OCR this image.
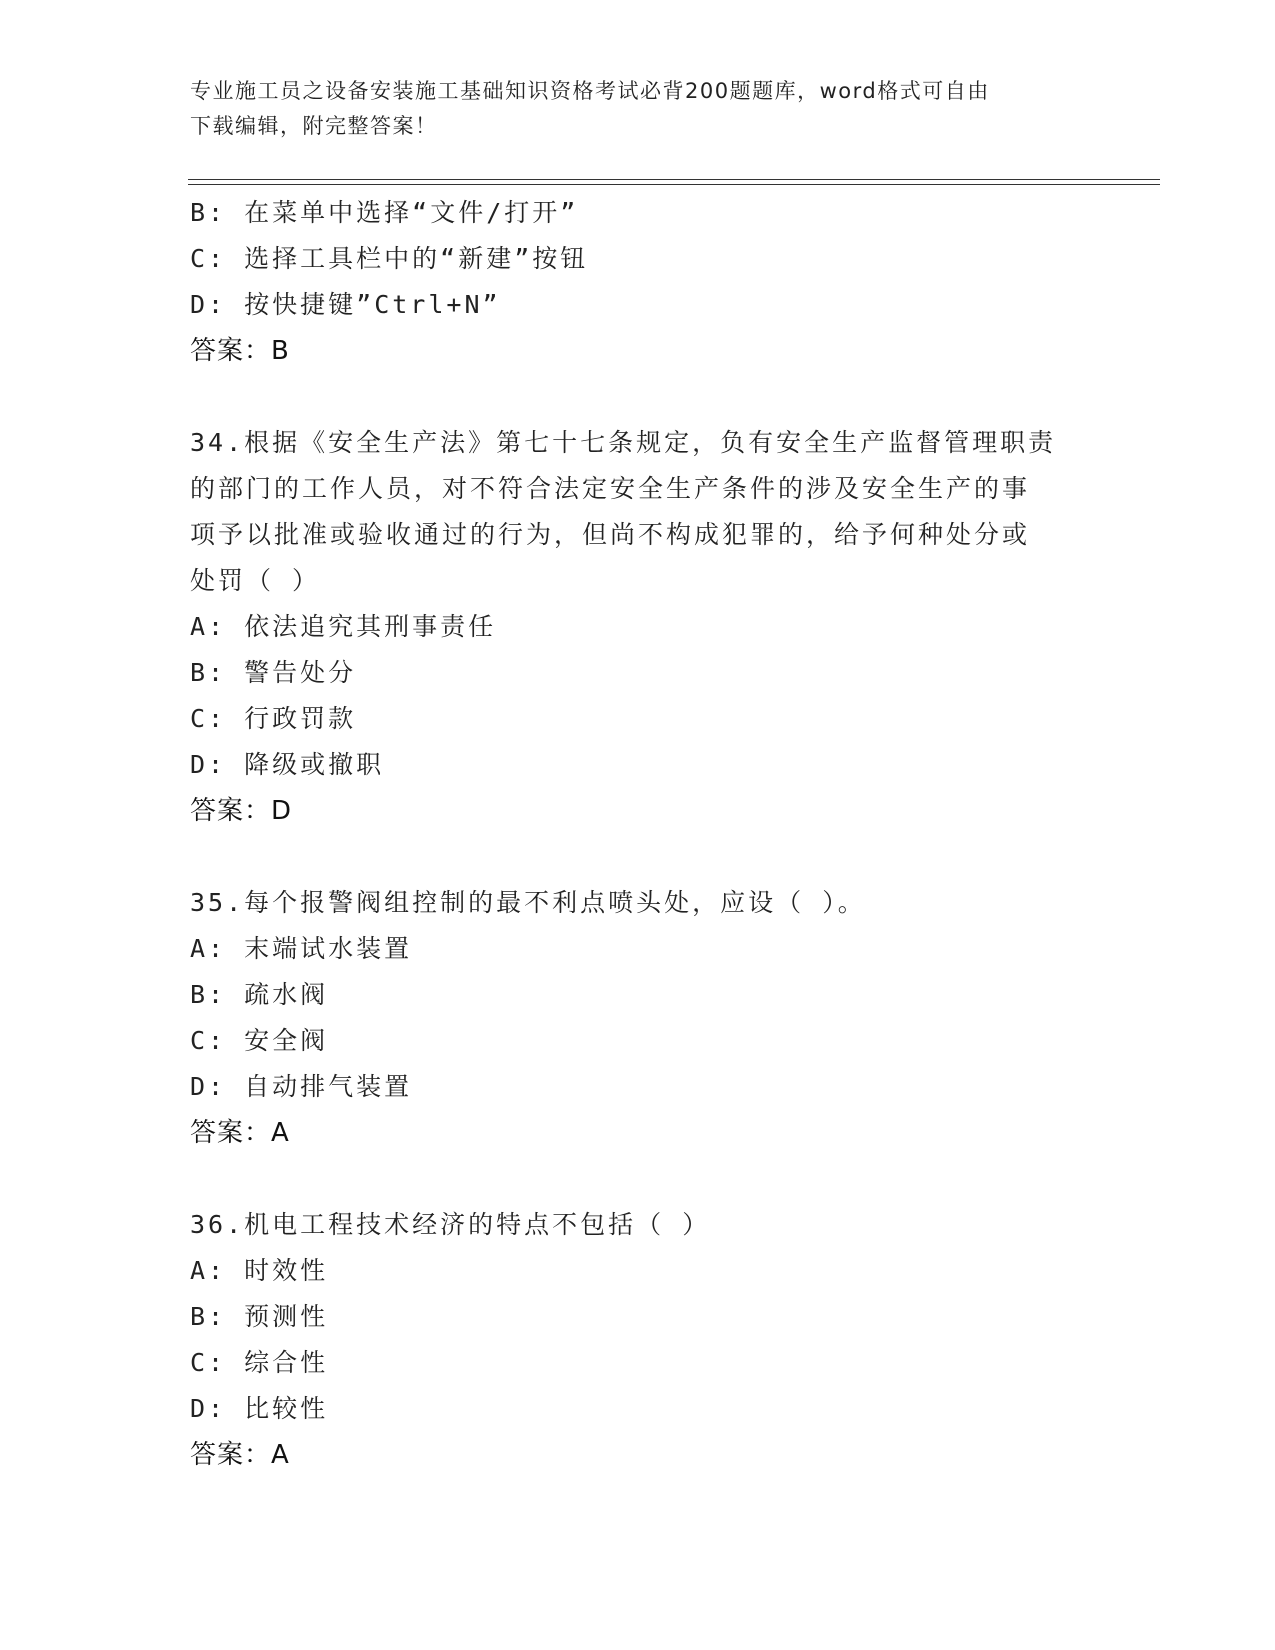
专业施工员之设备安装施工基础知识资格考试必背200题题库，word格式可自由
下载编辑，附完整答案！
B: 在菜单中选择“文件/打开”
C: 选择工具栏中的“新建”按钮
D: 按快捷键”Ctrl+N”
答案：B
34.根据《安全生产法》第七十七条规定，负有安全生产监督管理职责
的部门的工作人员，对不符合法定安全生产条件的涉及安全生产的事
项予以批准或验收通过的行为，但尚不构成犯罪的，给予何种处分或
处罚（ ）
A: 依法追究其刑事责任
B: 警告处分
C: 行政罚款
D: 降级或撤职
答案：D
35.每个报警阀组控制的最不利点喷头处，应设（ ）。
A: 末端试水装置
B: 疏水阀
C: 安全阀
D: 自动排气装置
答案：A
36.机电工程技术经济的特点不包括（ ）
A: 时效性
B: 预测性
C: 综合性
D: 比较性
答案：A
